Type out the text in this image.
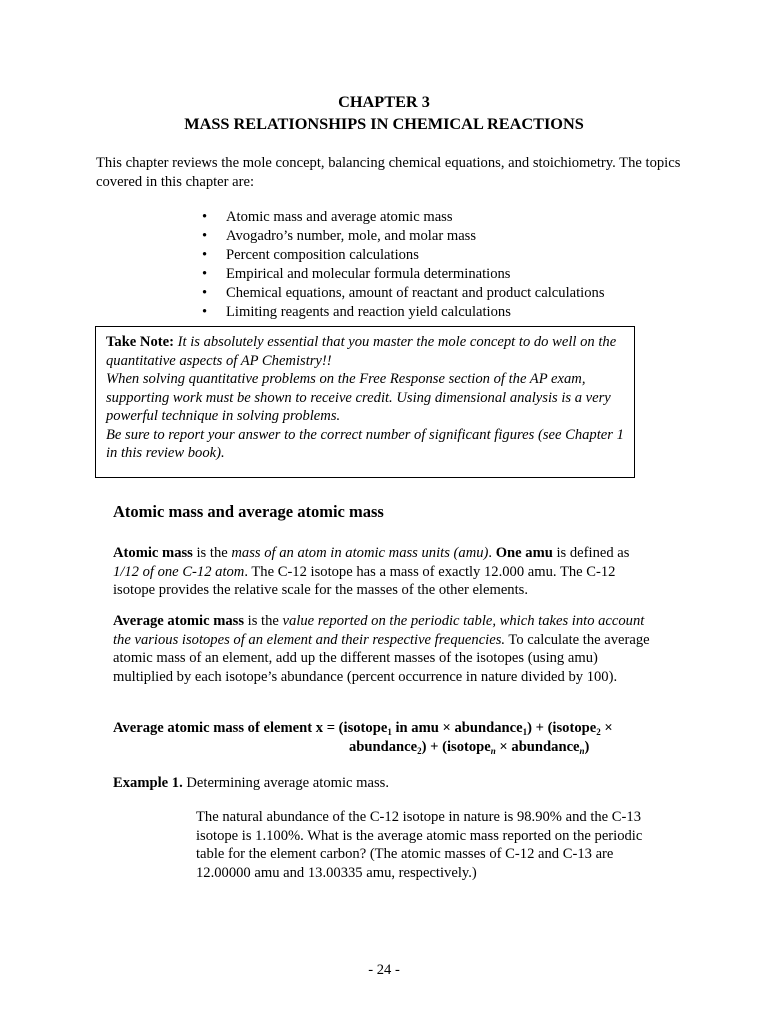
CHAPTER 3
MASS RELATIONSHIPS IN CHEMICAL REACTIONS
This chapter reviews the mole concept, balancing chemical equations, and stoichiometry. The topics covered in this chapter are:
• Atomic mass and average atomic mass
• Avogadro’s number, mole, and molar mass
• Percent composition calculations
• Empirical and molecular formula determinations
• Chemical equations, amount of reactant and product calculations
• Limiting reagents and reaction yield calculations
Take Note: It is absolutely essential that you master the mole concept to do well on the quantitative aspects of AP Chemistry!!
When solving quantitative problems on the Free Response section of the AP exam, supporting work must be shown to receive credit. Using dimensional analysis is a very powerful technique in solving problems.
Be sure to report your answer to the correct number of significant figures (see Chapter 1 in this review book).
Atomic mass and average atomic mass
Atomic mass is the mass of an atom in atomic mass units (amu). One amu is defined as 1/12 of one C-12 atom. The C-12 isotope has a mass of exactly 12.000 amu. The C-12 isotope provides the relative scale for the masses of the other elements.
Average atomic mass is the value reported on the periodic table, which takes into account the various isotopes of an element and their respective frequencies. To calculate the average atomic mass of an element, add up the different masses of the isotopes (using amu) multiplied by each isotope’s abundance (percent occurrence in nature divided by 100).
Average atomic mass of element x = (isotope$_1$ in amu × abundance$_1$) + (isotope$_2$ ×
abundance$_2$) + (isotope$_n$ × abundance$_n$)
Example 1. Determining average atomic mass.
The natural abundance of the C-12 isotope in nature is 98.90% and the C-13 isotope is 1.100%. What is the average atomic mass reported on the periodic table for the element carbon? (The atomic masses of C-12 and C-13 are 12.00000 amu and 13.00335 amu, respectively.)
- 24 -
